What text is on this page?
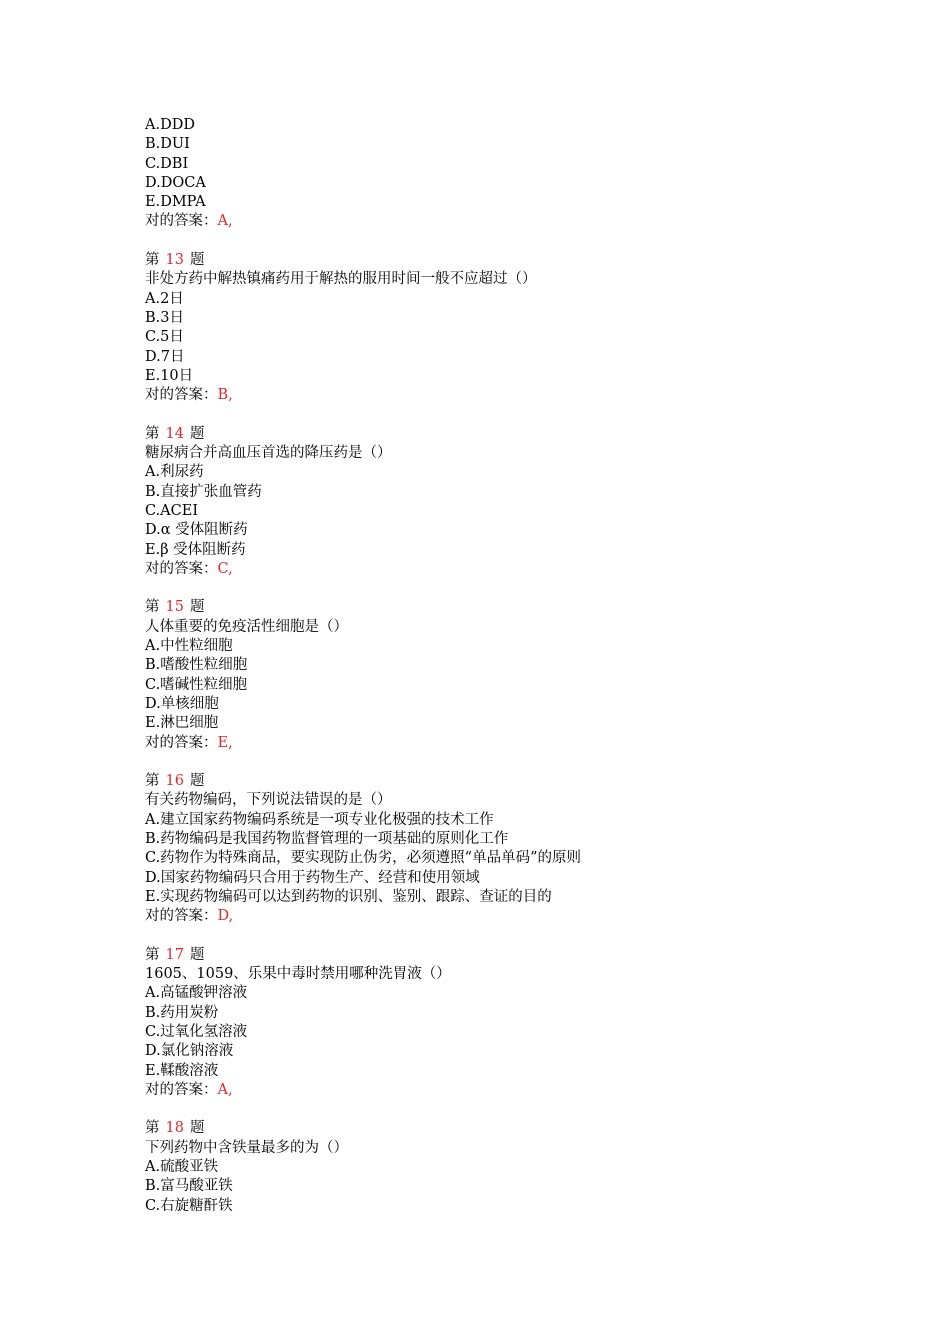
A.DDD
B.DUI
C.DBI
D.DOCA
E.DMPA
对的答案：A,
第 13 题
非处方药中解热镇痛药用于解热的服用时间一般不应超过（）
A.2日
B.3日
C.5日
D.7日
E.10日
对的答案：B,
第 14 题
糖尿病合并高血压首选的降压药是（）
A.利尿药
B.直接扩张血管药
C.ACEI
D.α 受体阻断药
E.β 受体阻断药
对的答案：C,
第 15 题
人体重要的免疫活性细胞是（）
A.中性粒细胞
B.嗜酸性粒细胞
C.嗜碱性粒细胞
D.单核细胞
E.淋巴细胞
对的答案：E,
第 16 题
有关药物编码，下列说法错误的是（）
A.建立国家药物编码系统是一项专业化极强的技术工作
B.药物编码是我国药物监督管理的一项基础的原则化工作
C.药物作为特殊商品，要实现防止伪劣，必须遵照“单品单码”的原则
D.国家药物编码只合用于药物生产、经营和使用领域
E.实现药物编码可以达到药物的识别、鉴别、跟踪、查证的目的
对的答案：D,
第 17 题
1605、1059、乐果中毒时禁用哪种洗胃液（）
A.高锰酸钾溶液
B.药用炭粉
C.过氧化氢溶液
D.氯化钠溶液
E.鞣酸溶液
对的答案：A,
第 18 题
下列药物中含铁量最多的为（）
A.硫酸亚铁
B.富马酸亚铁
C.右旋糖酐铁
